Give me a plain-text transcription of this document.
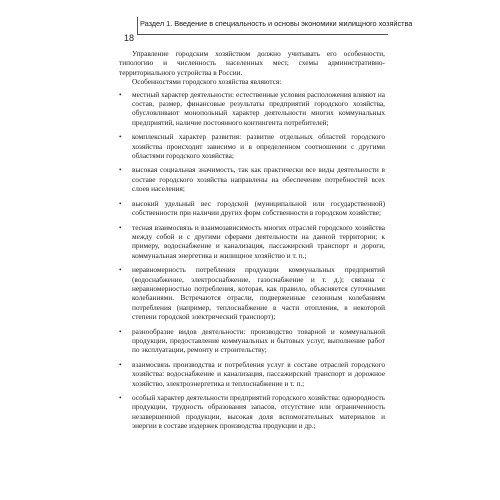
18
Раздел 1. Введение в специальность и основы экономики жилищного хозяйства

Управление городским хозяйством должно учитывать его особенности, типологию и численность населенных мест, схемы административно-территориального устройства в России.

Особенностями городского хозяйства являются:

• местный характер деятельности: естественные условия расположения влияют на состав, размер, финансовые результаты предприятий городского хозяйства, обусловливают монопольный характер деятельности многих коммунальных предприятий, наличие постоянного контингента потребителей;
• комплексный характер развития: развитие отдельных областей городского хозяйства происходит зависимо и в определенном соотношении с другими областями городского хозяйства;
• высокая социальная значимость, так как практически все виды деятельности в составе городского хозяйства направлены на обеспечение потребностей всех слоев населения;
• высокий удельный вес городской (муниципальной или государственной) собственности при наличии других форм собственности в городском хозяйстве;
• тесная взаимосвязь и взаимозависимость многих отраслей городского хозяйства между собой и с другими сферами деятельности на данной территории; к примеру, водоснабжение и канализация, пассажирский транспорт и дороги, коммунальная энергетика и жилищное хозяйство и т. п.;
• неравномерность потребления продукции коммунальных предприятий (водоснабжение, электроснабжение, газоснабжение и т. д.); связана с неравномерностью потребления, которая, как правило, объясняется суточными колебаниями. Встречаются отрасли, подверженные сезонным колебаниям потребления (например, теплоснабжение в части отопления, в некоторой степени городской электрический транспорт);
• разнообразие видов деятельности: производство товарной и коммунальной продукции, предоставление коммунальных и бытовых услуг, выполнение работ по эксплуатации, ремонту и строительству;
• взаимосвязь производства и потребления услуг в составе отраслей городского хозяйства: водоснабжение и канализация, пассажирский транспорт и дорожное хозяйство, электроэнергетика и теплоснабжение и т. п.;
• особый характер деятельности предприятий городского хозяйства: однородность продукции, трудность образования запасов, отсутствие или ограниченность незавершенной продукции, высокая доля вспомогательных материалов и энергии в составе издержек производства продукции и др.;
